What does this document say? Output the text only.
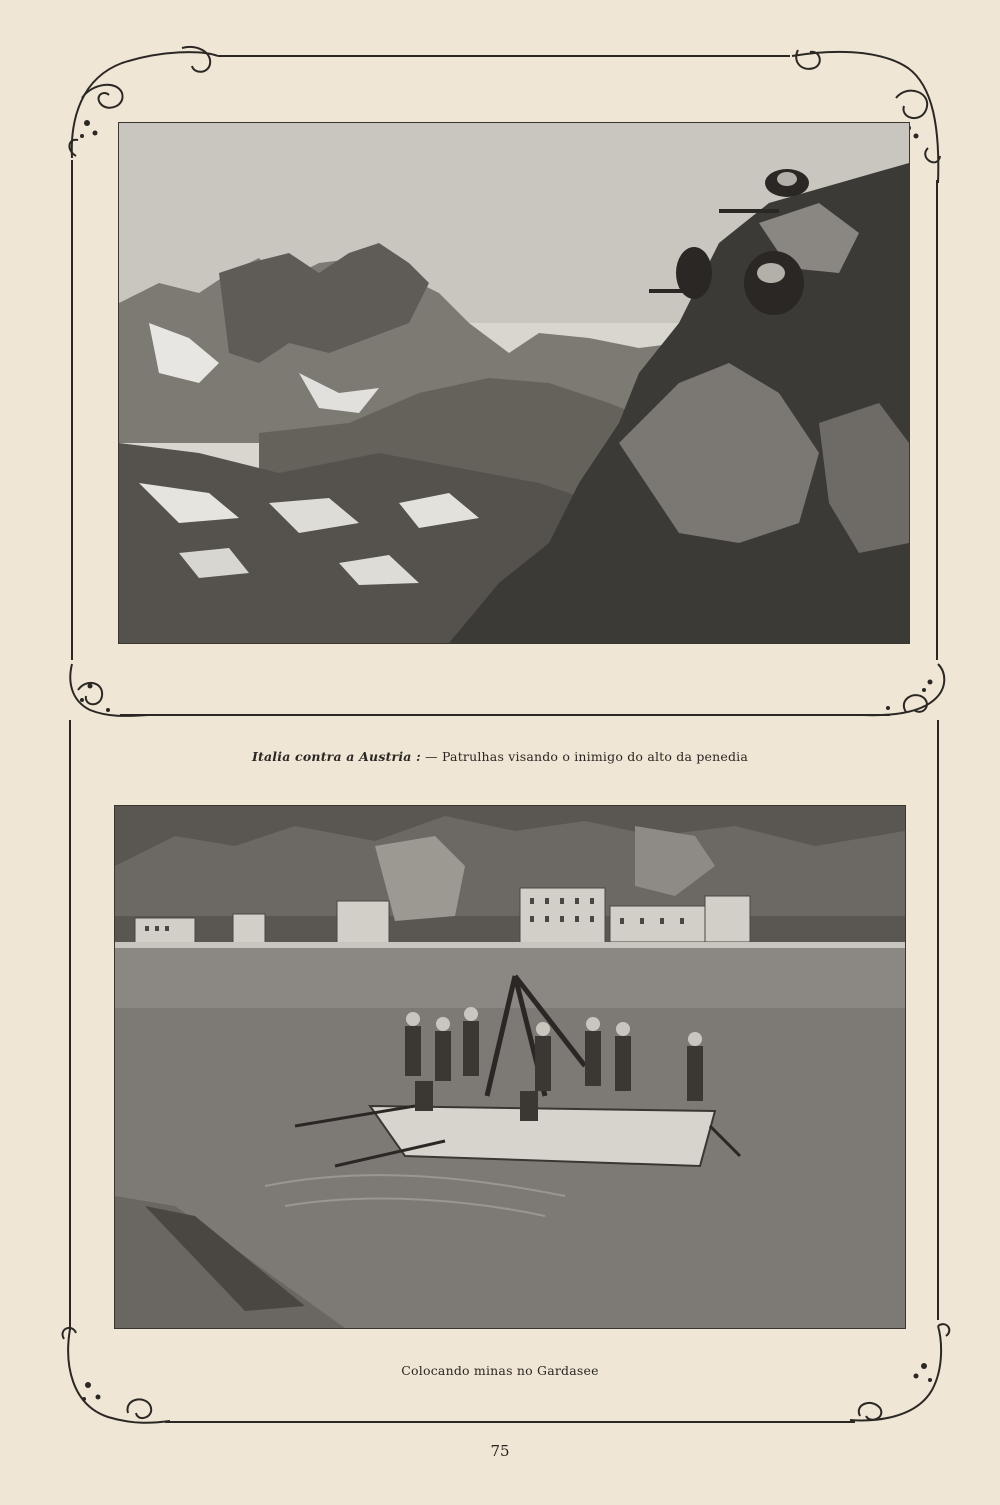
Italia contra a Austria : — Patrulhas visando o inimigo do alto da penedia
Colocando minas no Gardasee
75
